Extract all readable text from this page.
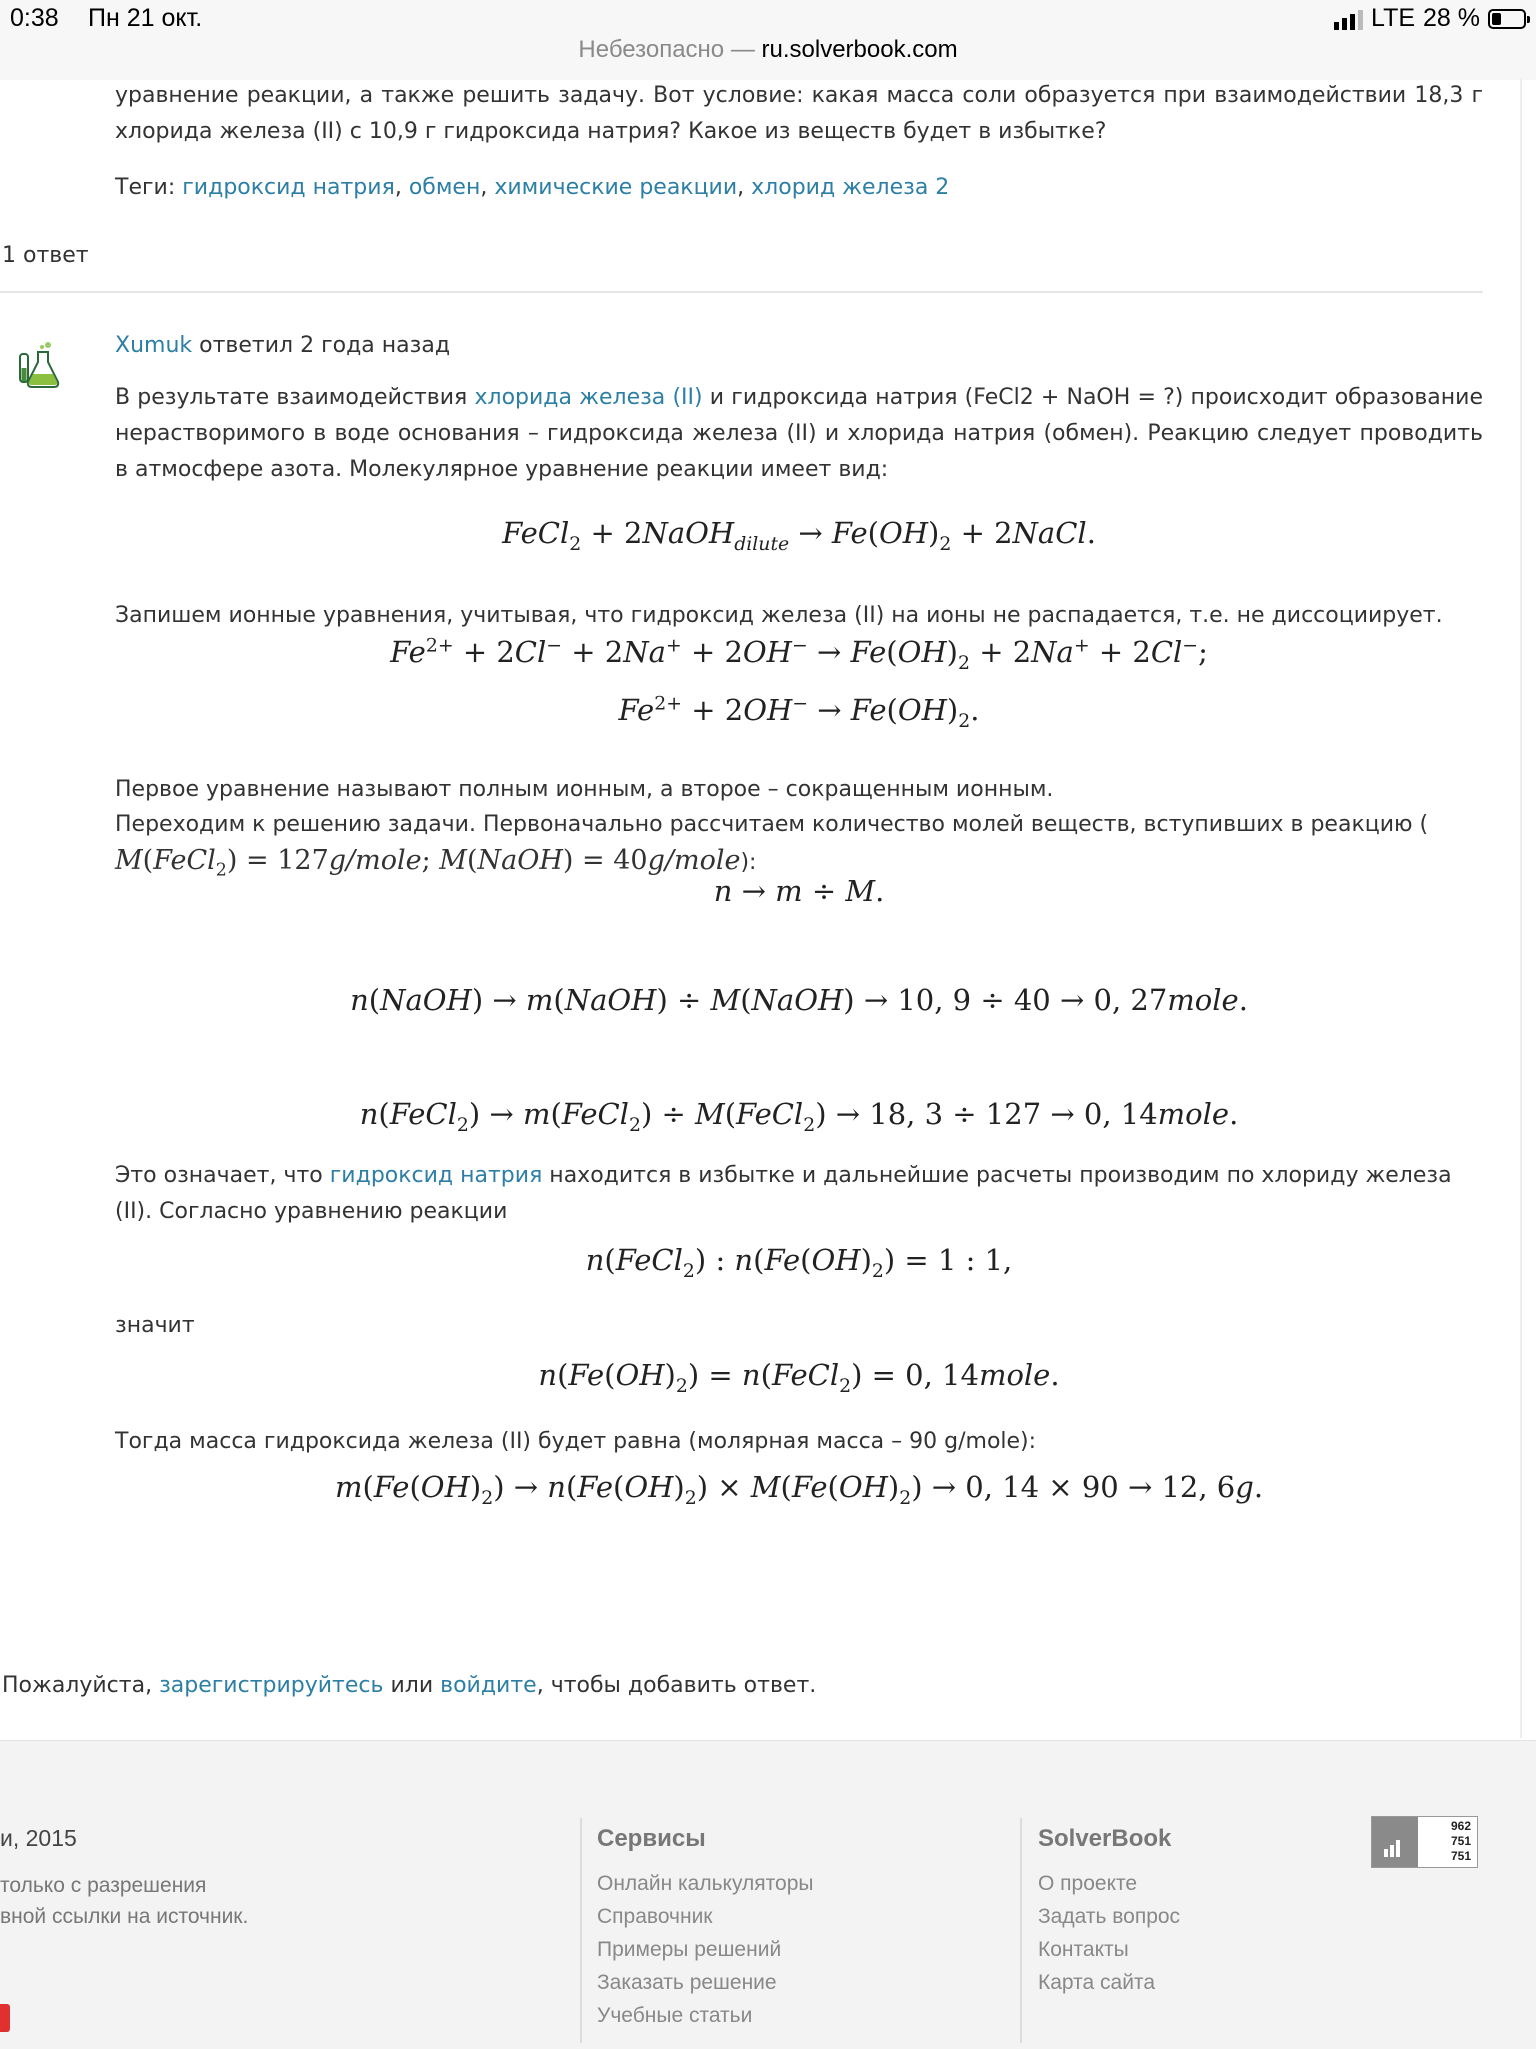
0:38 Пн 21 окт.	LTE 28 %
Небезопасно — ru.solverbook.com
уравнение реакции, а также решить задачу. Вот условие: какая масса соли образуется при взаимодействии 18,3 г хлорида железа (II) с 10,9 г гидроксида натрия? Какое из веществ будет в избытке?
Теги: гидроксид натрия, обмен, химические реакции, хлорид железа 2
1 ответ
Xumuk ответил 2 года назад
В результате взаимодействия хлорида железа (II) и гидроксида натрия (FeCl2 + NaOH = ?) происходит образование нерастворимого в воде основания – гидроксида железа (II) и хлорида натрия (обмен). Реакцию следует проводить в атмосфере азота. Молекулярное уравнение реакции имеет вид:
FeCl$_2$ + 2NaOH$_{dilute}$ → $Fe(OH)_2$ + 2NaCl.
Запишем ионные уравнения, учитывая, что гидроксид железа (II) на ионы не распадается, т.е. не диссоциирует.
$Fe^{2+} + 2Cl^- + 2Na^+ + 2OH^- \to Fe(OH)_2 + 2Na^+ + 2Cl^-$;
$Fe^{2+} + 2OH^- \to Fe(OH)_2$.
Первое уравнение называют полным ионным, а второе – сокращенным ионным.
Переходим к решению задачи. Первоначально рассчитаем количество молей веществ, вступивших в реакцию (
M(FeCl$_2$) = 127g/mole; M(NaOH) = 40g/mole):
n → m ÷ M.
n(NaOH) → m(NaOH) ÷ M(NaOH) → 10, 9 ÷ 40 → 0, 27mole.
n(FeCl$_2$) → m(FeCl$_2$) ÷ M(FeCl$_2$) → 18, 3 ÷ 127 → 0, 14mole.
Это означает, что гидроксид натрия находится в избытке и дальнейшие расчеты производим по хлориду железа (II). Согласно уравнению реакции
n(FeCl$_2$) : $n(Fe(OH)_2) = 1$ : 1,
значит
$n(Fe(OH)_2)$ = n(FeCl$_2$) = 0, 14mole.
Тогда масса гидроксида железа (II) будет равна (молярная масса – 90 g/mole):
$m(Fe(OH)_2) \to n(Fe(OH)_2) \times M(Fe(OH)_2) \to 0$, 14 × 90 → 12, 6g.
Пожалуйста, зарегистрируйтесь или войдите, чтобы добавить ответ.
и, 2015
только с разрешения
вной ссылки на источник.
Сервисы
Онлайн калькуляторы
Справочник
Примеры решений
Заказать решение
Учебные статьи
SolverBook
О проекте
Задать вопрос
Контакты
Карта сайта
962
751
751
